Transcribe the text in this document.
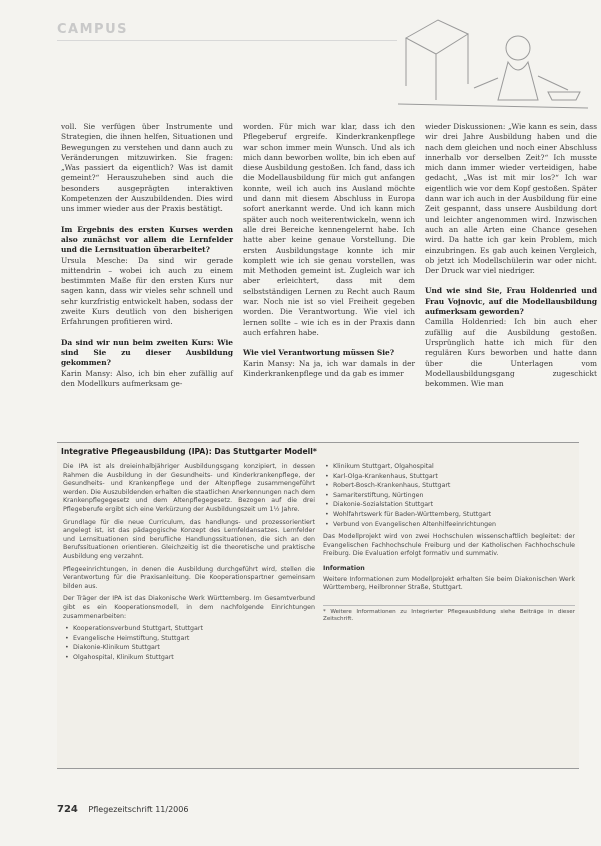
CAMPUS

voll. Sie verfügen über Instrumente und Strategien, die ihnen helfen, Situationen und Bewegungen zu verstehen und dann auch zu Veränderungen mitzuwirken. Sie fragen: „Was passiert da eigentlich? Was ist damit gemeint?“ Herauszuheben sind auch die besonders ausgeprägten interaktiven Kompetenzen der Auszubildenden. Dies wird uns immer wieder aus der Praxis bestätigt.

Im Ergebnis des ersten Kurses werden also zunächst vor allem die Lernfelder und die Lernsituation überarbeitet?

Ursula Mesche: Da sind wir gerade mittendrin – wobei ich auch zu einem bestimmten Maße für den ersten Kurs nur sagen kann, dass wir vieles sehr schnell und sehr kurzfristig entwickelt haben, sodass der zweite Kurs deutlich von den bisherigen Erfahrungen profitieren wird.

Da sind wir nun beim zweiten Kurs: Wie sind Sie zu dieser Ausbildung gekommen?

Karin Mansy: Also, ich bin eher zufällig auf den Modellkurs aufmerksam ge-

worden. Für mich war klar, dass ich den Pflegeberuf ergreife. Kinderkrankenpflege war schon immer mein Wunsch. Und als ich mich dann beworben wollte, bin ich eben auf diese Ausbildung gestoßen. Ich fand, dass ich die Modellausbildung für mich gut anfangen konnte, weil ich auch ins Ausland möchte und dann mit diesem Abschluss in Europa sofort anerkannt werde. Und ich kann mich später auch noch weiterentwickeln, wenn ich alle drei Bereiche kennengelernt habe. Ich hatte aber keine genaue Vorstellung. Die ersten Ausbildungstage konnte ich mir komplett wie ich sie genau vorstellen, was mit Methoden gemeint ist. Zugleich war ich aber erleichtert, dass mit dem selbstständigen Lernen zu Recht auch Raum war. Noch nie ist so viel Freiheit gegeben worden. Die Verantwortung. Wie viel ich lernen sollte – wie ich es in der Praxis dann auch erfahren habe.

Wie viel Verantwortung müssen Sie?

Karin Mansy: Na ja, ich war damals in der Kinderkrankenpflege und da gab es immer

wieder Diskussionen: „Wie kann es sein, dass wir drei Jahre Ausbildung haben und die nach dem gleichen und noch einer Abschluss innerhalb vor derselben Zeit?“ Ich musste mich dann immer wieder verteidigen, habe gedacht, „Was ist mit mir los?“ Ich war eigentlich wie vor dem Kopf gestoßen. Später dann war ich auch in der Ausbildung für eine Zeit gespannt, dass unsere Ausbildung dort und leichter angenommen wird. Inzwischen auch an alle Arten eine Chance gesehen wird. Da hatte ich gar kein Problem, mich einzubringen. Es gab auch keinen Vergleich, ob jetzt ich Modellschülerin war oder nicht. Der Druck war viel niedriger.

Und wie sind Sie, Frau Holdenried und Frau Vojnovic, auf die Modellausbildung aufmerksam geworden?

Camilla Holdenried: Ich bin auch eher zufällig auf die Ausbildung gestoßen. Ursprünglich hatte ich mich für den regulären Kurs beworben und hatte dann über die Unterlagen vom Modellausbildungsgang zugeschickt bekommen. Wie man

Integrative Pflegeausbildung (IPA): Das Stuttgarter Modell*

Die IPA ist als dreieinhalbjähriger Ausbildungsgang konzipiert, in dessen Rahmen die Ausbildung in der Gesundheits- und Kinderkrankenpflege, der Gesundheits- und Krankenpflege und der Altenpflege zusammengeführt werden. Die Auszubildenden erhalten die staatlichen Anerkennungen nach dem Krankenpflegegesetz und dem Altenpflegegesetz. Bezogen auf die drei Pflegeberufe ergibt sich eine Verkürzung der Ausbildungszeit um 1½ Jahre.

Grundlage für die neue Curriculum, das handlungs- und prozessorientiert angelegt ist, ist das pädagogische Konzept des Lernfeldansatzes. Lernfelder und Lernsituationen sind berufliche Handlungssituationen, die sich an den Berufssituationen orientieren. Gleichzeitig ist die theoretische und praktische Ausbildung eng verzahnt.

Pflegeeinrichtungen, in denen die Ausbildung durchgeführt wird, stellen die Verantwortung für die Praxisanleitung. Die Kooperationspartner gemeinsam bilden aus.

Der Träger der IPA ist das Diakonische Werk Württemberg. Im Gesamtverbund gibt es ein Kooperationsmodell, in dem nachfolgende Einrichtungen zusammenarbeiten:

• Kooperationsverbund Stuttgart, Stuttgart
• Evangelische Heimstiftung, Stuttgart
• Diakonie-Klinikum Stuttgart
• Olgahospital, Klinikum Stuttgart
• Klinikum Stuttgart, Olgahospital
• Karl-Olga-Krankenhaus, Stuttgart
• Robert-Bosch-Krankenhaus, Stuttgart
• Samariterstiftung, Nürtingen
• Diakonie-Sozialstation Stuttgart
• Wohlfahrtswerk für Baden-Württemberg, Stuttgart
• Verbund von Evangelischen Altenhilfeeinrichtungen

Das Modellprojekt wird von zwei Hochschulen wissenschaftlich begleitet: der Evangelischen Fachhochschule Freiburg und der Katholischen Fachhochschule Freiburg. Die Evaluation erfolgt formativ und summativ.

Information

Weitere Informationen zum Modellprojekt erhalten Sie beim Diakonischen Werk Württemberg, Heilbronner Straße, Stuttgart.

* Weitere Informationen zu Integrierter Pflegeausbildung siehe Beiträge in dieser Zeitschrift.

724 Pflegezeitschrift 11/2006
